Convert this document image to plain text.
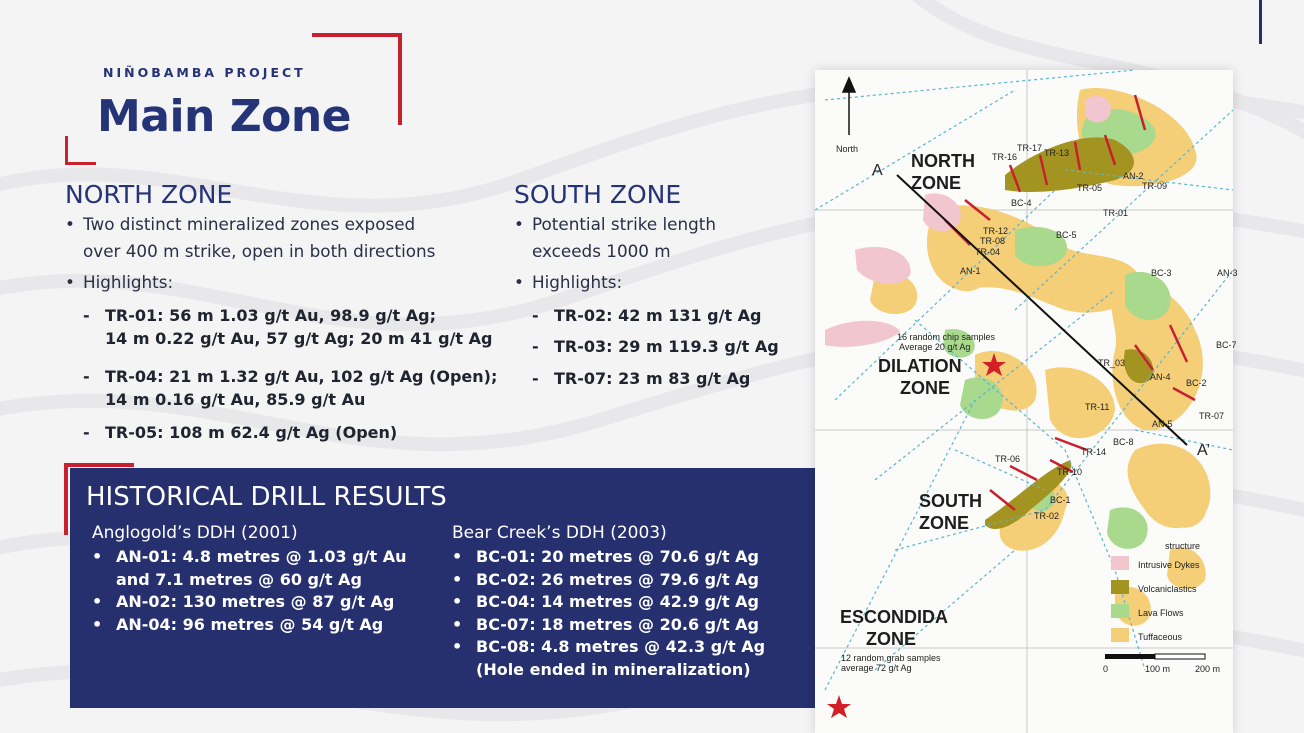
NIÑOBAMBA PROJECT
Main Zone
NORTH ZONE
• Two distinct mineralized zones exposed
over 400 m strike, open in both directions
• Highlights:
- TR-01: 56 m 1.03 g/t Au, 98.9 g/t Ag;
14 m 0.22 g/t Au, 57 g/t Ag; 20 m 41 g/t Ag
- TR-04: 21 m 1.32 g/t Au, 102 g/t Ag (Open);
14 m 0.16 g/t Au, 85.9 g/t Au
- TR-05: 108 m 62.4 g/t Ag (Open)
SOUTH ZONE
• Potential strike length
exceeds 1000 m
• Highlights:
- TR-02: 42 m 131 g/t Ag
- TR-03: 29 m 119.3 g/t Ag
- TR-07: 23 m 83 g/t Ag
HISTORICAL DRILL RESULTS
Anglogold’s DDH (2001)
• AN-01: 4.8 metres @ 1.03 g/t Au
and 7.1 metres @ 60 g/t Ag
• AN-02: 130 metres @ 87 g/t Ag
• AN-04: 96 metres @ 54 g/t Ag
Bear Creek’s DDH (2003)
• BC-01: 20 metres @ 70.6 g/t Ag
• BC-02: 26 metres @ 79.6 g/t Ag
• BC-04: 14 metres @ 42.9 g/t Ag
• BC-07: 18 metres @ 20.6 g/t Ag
• BC-08: 4.8 metres @ 42.3 g/t Ag
(Hole ended in mineralization)
North
A
A’
NORTH
ZONE
DILATION
ZONE
SOUTH
ZONE
ESCONDIDA
ZONE
16 random chip samples
Average 20 g/t Ag
12 random grab samples
average 72 g/t Ag
TR-16
TR-17 TR-13
AN-2
TR-05	TR-09
BC-4
TR-01
BC-5
TR-12
TR-08
TR-04
AN-1	AN-3
BC-3
BC-7
TR_03
AN-4
BC-2
TR-11
AN-5
TR-07
BC-8
TR-14
TR-06
TR-10
BC-1
TR-02
structure
Intrusive Dykes
Volcaniclastics
Lava Flows
Tuffaceous
0	100 m	200 m
